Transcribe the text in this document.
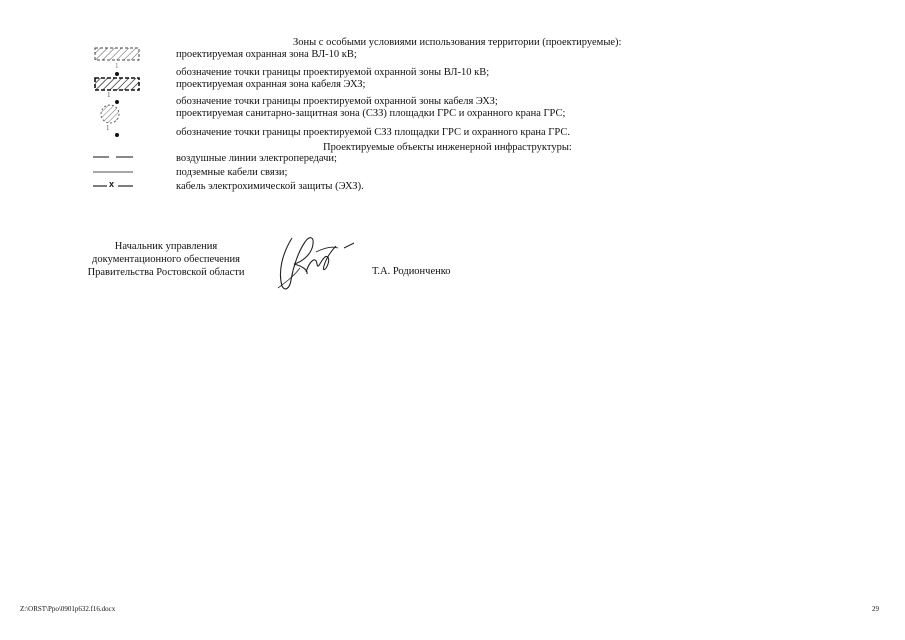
Зоны с особыми условиями использования территории (проектируемые):
проектируемая охранная зона ВЛ-10 кВ;
1
обозначение точки границы проектируемой охранной зоны ВЛ-10 кВ;
проектируемая охранная зона кабеля ЭХЗ;
1
обозначение точки границы проектируемой охранной зоны кабеля ЭХЗ;
проектируемая санитарно-защитная зона (СЗЗ) площадки ГРС и охранного крана ГРС;
1	обозначение точки границы проектируемой СЗЗ площадки ГРС и охранного крана ГРС.
Проектируемые объекты инженерной инфраструктуры:
воздушные линии электропередачи;
подземные кабели связи;
x	кабель электрохимической защиты (ЭХЗ).
Начальник управления
документационного обеспечения
Правительства Ростовской области	Т.А. Родионченко
Z:\ORST\Ppo\0901p632.f16.docx	29
